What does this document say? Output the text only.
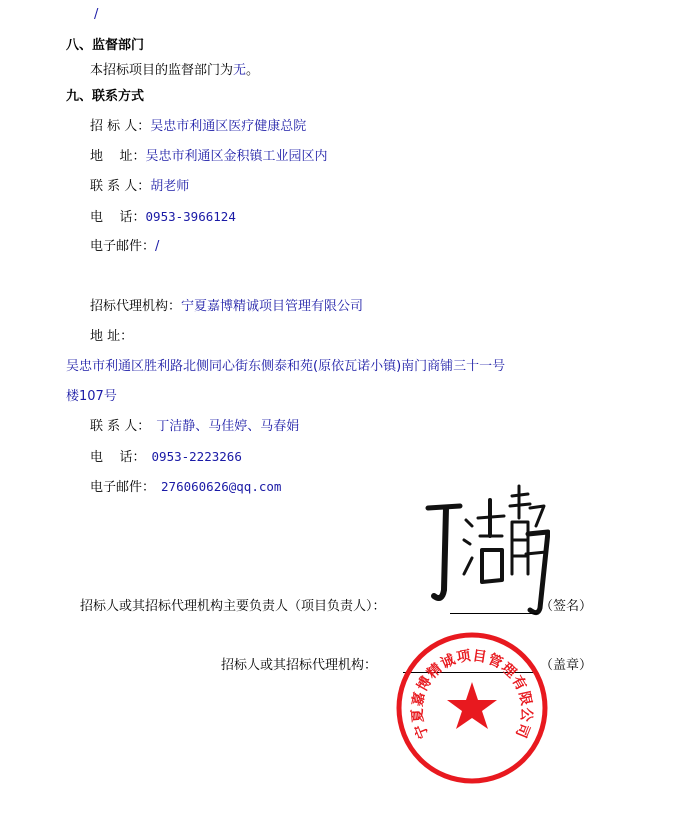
/
八、监督部门
本招标项目的监督部门为无。
九、联系方式
招 标 人：吴忠市利通区医疗健康总院
地    址：吴忠市利通区金积镇工业园区内
联 系 人：胡老师
电    话：0953-3966124
电子邮件：/
招标代理机构：宁夏嘉博精诚项目管理有限公司
地 址：
吴忠市利通区胜利路北侧同心街东侧泰和苑(原依瓦诺小镇)南门商铺三十一号
楼107号
联 系 人： 丁洁静、马佳婷、马春娟
电    话： 0953-2223266
电子邮件： 276060626@qq.com
招标人或其招标代理机构主要负责人（项目负责人）：	（签名）
招标人或其招标代理机构：	（盖章）
宁夏嘉博精诚项目管理有限公司
